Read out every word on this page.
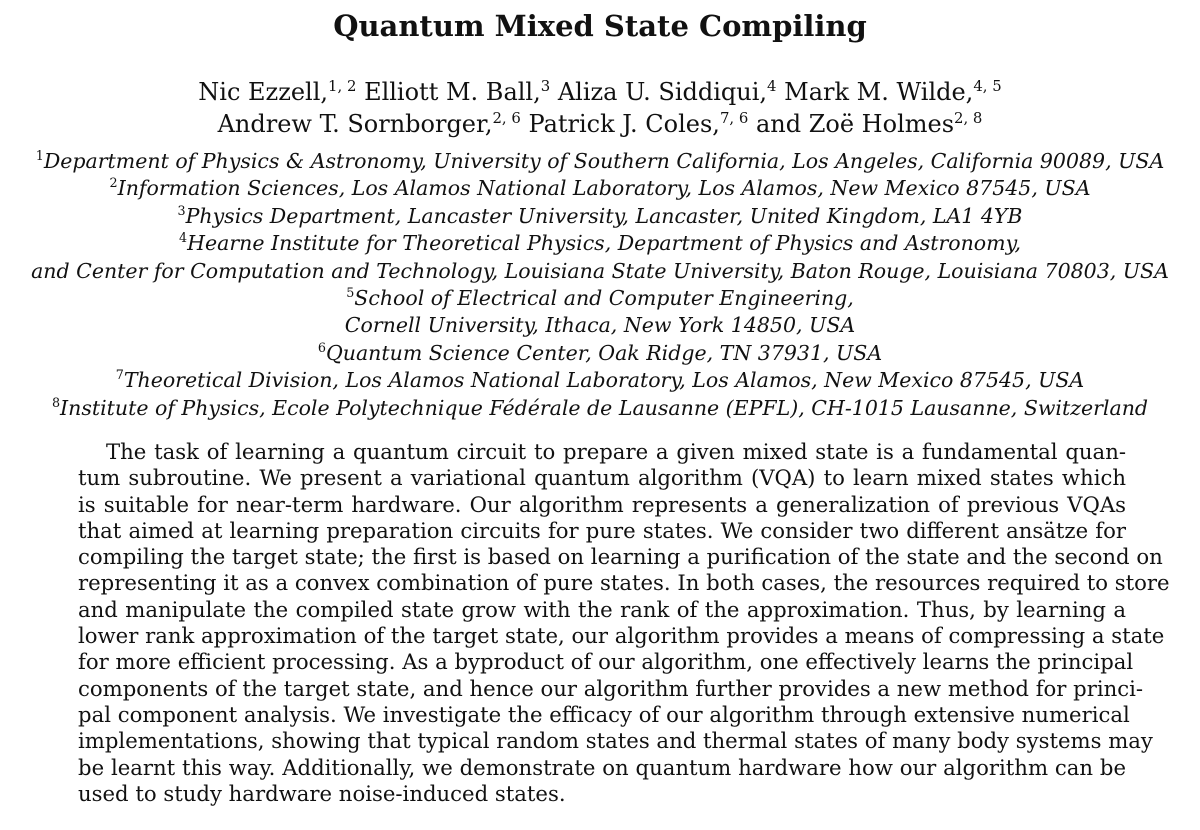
Quantum Mixed State Compiling
Nic Ezzell,$^{1, 2}$ Elliott M. Ball,$^3$ Aliza U. Siddiqui,$^4$ Mark M. Wilde,$^{4, 5}$
Andrew T. Sornborger,$^{2, 6}$ Patrick J. Coles,$^{7, 6}$ and Zoë Holmes$^{2, 8}$
$^1$Department of Physics & Astronomy, University of Southern California, Los Angeles, California 90089, USA
$^2$Information Sciences, Los Alamos National Laboratory, Los Alamos, New Mexico 87545, USA
$^3$Physics Department, Lancaster University, Lancaster, United Kingdom, LA1 4YB
$^4$Hearne Institute for Theoretical Physics, Department of Physics and Astronomy,
and Center for Computation and Technology, Louisiana State University, Baton Rouge, Louisiana 70803, USA
$^5$School of Electrical and Computer Engineering,
Cornell University, Ithaca, New York 14850, USA
$^6$Quantum Science Center, Oak Ridge, TN 37931, USA
$^7$Theoretical Division, Los Alamos National Laboratory, Los Alamos, New Mexico 87545, USA
$^8$Institute of Physics, Ecole Polytechnique Fédérale de Lausanne (EPFL), CH-1015 Lausanne, Switzerland
The task of learning a quantum circuit to prepare a given mixed state is a fundamental quan-
tum subroutine. We present a variational quantum algorithm (VQA) to learn mixed states which
is suitable for near-term hardware. Our algorithm represents a generalization of previous VQAs
that aimed at learning preparation circuits for pure states. We consider two different ansätze for
compiling the target state; the first is based on learning a purification of the state and the second on
representing it as a convex combination of pure states. In both cases, the resources required to store
and manipulate the compiled state grow with the rank of the approximation. Thus, by learning a
lower rank approximation of the target state, our algorithm provides a means of compressing a state
for more efficient processing. As a byproduct of our algorithm, one effectively learns the principal
components of the target state, and hence our algorithm further provides a new method for princi-
pal component analysis. We investigate the efficacy of our algorithm through extensive numerical
implementations, showing that typical random states and thermal states of many body systems may
be learnt this way. Additionally, we demonstrate on quantum hardware how our algorithm can be
used to study hardware noise-induced states.
